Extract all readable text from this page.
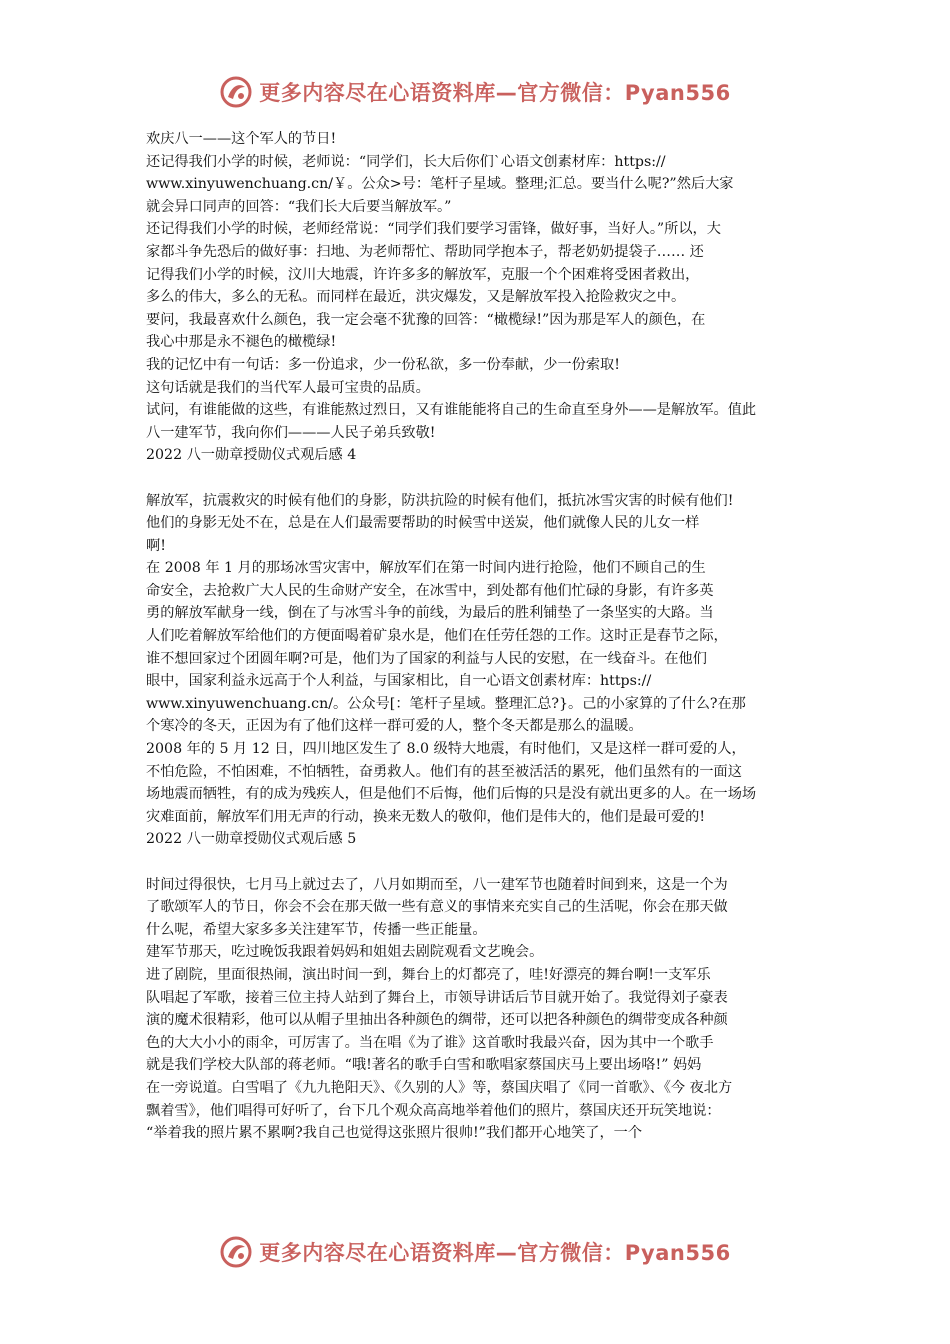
更多内容尽在心语资料库—官方微信：Pyan556
欢庆八一——这个军人的节日!
还记得我们小学的时候，老师说：“同学们，长大后你们`心语文创素材库：https://
www.xinyuwenchuang.cn/￥。公众>号：笔杆子星域。整理;汇总。要当什么呢?”然后大家
就会异口同声的回答：“我们长大后要当解放军。”
还记得我们小学的时候，老师经常说：“同学们我们要学习雷锋，做好事，当好人。”所以，大
家都斗争先恐后的做好事：扫地、为老师帮忙、帮助同学抱本子，帮老奶奶提袋子…… 还
记得我们小学的时候，汶川大地震，许许多多的解放军，克服一个个困难将受困者救出，
多么的伟大，多么的无私。而同样在最近，洪灾爆发，又是解放军投入抢险救灾之中。
要问，我最喜欢什么颜色，我一定会毫不犹豫的回答：“橄榄绿!”因为那是军人的颜色，在
我心中那是永不褪色的橄榄绿!
我的记忆中有一句话：多一份追求，少一份私欲，多一份奉献，少一份索取!
这句话就是我们的当代军人最可宝贵的品质。
试问，有谁能做的这些，有谁能熬过烈日，又有谁能能将自己的生命直至身外——是解放军。值此
八一建军节，我向你们———人民子弟兵致敬!
2022 八一勋章授勋仪式观后感 4
解放军，抗震救灾的时候有他们的身影，防洪抗险的时候有他们，抵抗冰雪灾害的时候有他们!
他们的身影无处不在，总是在人们最需要帮助的时候雪中送炭，他们就像人民的儿女一样
啊!
在 2008 年 1 月的那场冰雪灾害中，解放军们在第一时间内进行抢险，他们不顾自己的生
命安全，去抢救广大人民的生命财产安全，在冰雪中，到处都有他们忙碌的身影，有许多英
勇的解放军献身一线，倒在了与冰雪斗争的前线，为最后的胜利铺垫了一条坚实的大路。当
人们吃着解放军给他们的方便面喝着矿泉水是，他们在任劳任怨的工作。这时正是春节之际，
谁不想回家过个团圆年啊?可是，他们为了国家的利益与人民的安慰，在一线奋斗。在他们
眼中，国家利益永远高于个人利益，与国家相比，自一心语文创素材库：https://
www.xinyuwenchuang.cn/。公众号[：笔杆子星域。整理汇总?}。己的小家算的了什么?在那
个寒冷的冬天，正因为有了他们这样一群可爱的人，整个冬天都是那么的温暖。
2008 年的 5 月 12 日，四川地区发生了 8.0 级特大地震，有时他们，又是这样一群可爱的人，
不怕危险，不怕困难，不怕牺牲，奋勇救人。他们有的甚至被活活的累死，他们虽然有的一面这
场地震而牺牲，有的成为残疾人，但是他们不后悔，他们后悔的只是没有就出更多的人。在一场场
灾难面前，解放军们用无声的行动，换来无数人的敬仰，他们是伟大的，他们是最可爱的!
2022 八一勋章授勋仪式观后感 5
时间过得很快，七月马上就过去了，八月如期而至，八一建军节也随着时间到来，这是一个为
了歌颂军人的节日，你会不会在那天做一些有意义的事情来充实自己的生活呢，你会在那天做
什么呢，希望大家多多关注建军节，传播一些正能量。
建军节那天，吃过晚饭我跟着妈妈和姐姐去剧院观看文艺晚会。
进了剧院，里面很热闹，演出时间一到，舞台上的灯都亮了，哇!好漂亮的舞台啊!一支军乐
队唱起了军歌，接着三位主持人站到了舞台上，市领导讲话后节目就开始了。我觉得刘子豪表
演的魔术很精彩，他可以从帽子里抽出各种颜色的绸带，还可以把各种颜色的绸带变成各种颜
色的大大小小的雨伞，可厉害了。当在唱《为了谁》这首歌时我最兴奋，因为其中一个歌手
就是我们学校大队部的蒋老师。“哦!著名的歌手白雪和歌唱家蔡国庆马上要出场咯!” 妈妈
在一旁说道。白雪唱了《九九艳阳天》、《久别的人》等，蔡国庆唱了《同一首歌》、《今 夜北方
飘着雪》，他们唱得可好听了，台下几个观众高高地举着他们的照片，蔡国庆还开玩笑地说：
“举着我的照片累不累啊?我自己也觉得这张照片很帅!”我们都开心地笑了，一个
更多内容尽在心语资料库—官方微信：Pyan556
